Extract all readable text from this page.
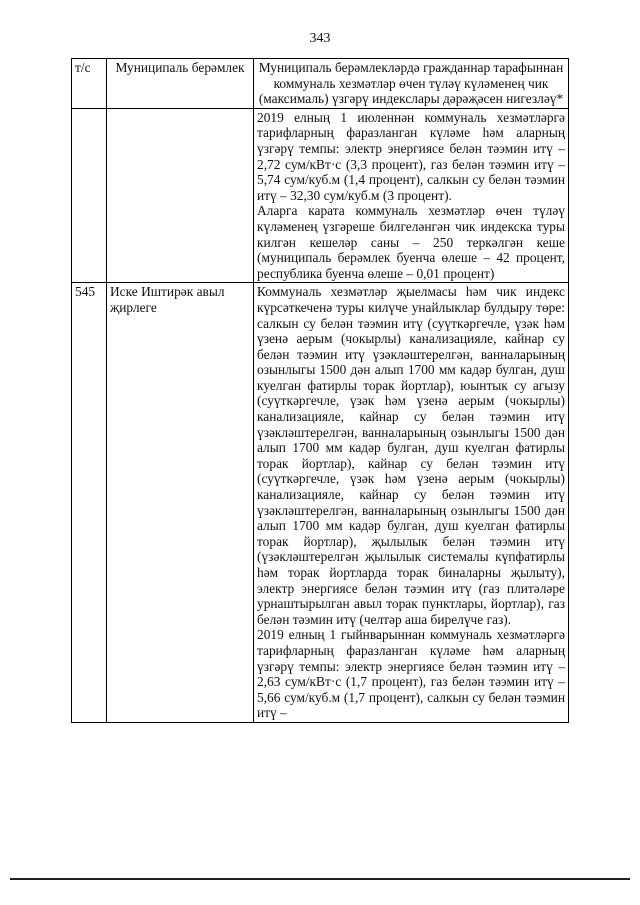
343
т/с	Муниципаль берәмлек	Муниципаль берәмлекләрдә гражданнар тарафыннан коммуналь хезмәтләр өчен түләү күләменең чик (максималь) үзгәрү индекслары дәрәҗәсен нигезләү*

		2019 елның 1 июленнән коммуналь хезмәтләргә тарифларның фаразланган күләме һәм аларның үзгәрү темпы: электр энергиясе белән тәэмин итү – 2,72 сум/кВт·с (3,3 процент), газ белән тәэмин итү – 5,74 сум/куб.м (1,4 процент), салкын су белән тәэмин итү – 32,30 сум/куб.м (3 процент).

Аларга карата коммуналь хезмәтләр өчен түләү күләменең үзгәреше билгеләнгән чик индекска туры килгән кешеләр саны – 250 теркәлгән кеше (муниципаль берәмлек буенча өлеше – 42 процент, республика буенча өлеше – 0,01 процент)

545	Иске Иштирәк авыл җирлеге	Коммуналь хезмәтләр җыелмасы һәм чик индекс күрсәткеченә туры килүче унайлыклар булдыру төре: салкын су белән тәэмин итү (суүткәргечле, үзәк һәм үзенә аерым (чокырлы) канализацияле, кайнар су белән тәэмин итү үзәкләштерелгән, ванналарының озынлыгы 1500 дән алып 1700 мм кадәр булган, душ куелган фатирлы торак йортлар), юынтык су агызу (суүткәргечле, үзәк һәм үзенә аерым (чокырлы) канализацияле, кайнар су белән тәэмин итү үзәкләштерелгән, ванналарының озынлыгы 1500 дән алып 1700 мм кадәр булган, душ куелган фатирлы торак йортлар), кайнар су белән тәэмин итү (суүткәргечле, үзәк һәм үзенә аерым (чокырлы) канализацияле, кайнар су белән тәэмин итү үзәкләштерелгән, ванналарының озынлыгы 1500 дән алып 1700 мм кадәр булган, душ куелган фатирлы торак йортлар), җылылык белән тәэмин итү (үзәкләштерелгән җылылык системалы күпфатирлы һәм торак йортларда торак биналарны җылыту), электр энергиясе белән тәэмин итү (газ плитәләре урнаштырылган авыл торак пунктлары, йортлар), газ белән тәэмин итү (челтәр аша бирелүче газ).

2019 елның 1 гыйнварыннан коммуналь хезмәтләргә тарифларның фаразланган күләме һәм аларның үзгәрү темпы: электр энергиясе белән тәэмин итү – 2,63 сум/кВт·с (1,7 процент), газ белән тәэмин итү – 5,66 сум/куб.м (1,7 процент), салкын су белән тәэмин итү –
